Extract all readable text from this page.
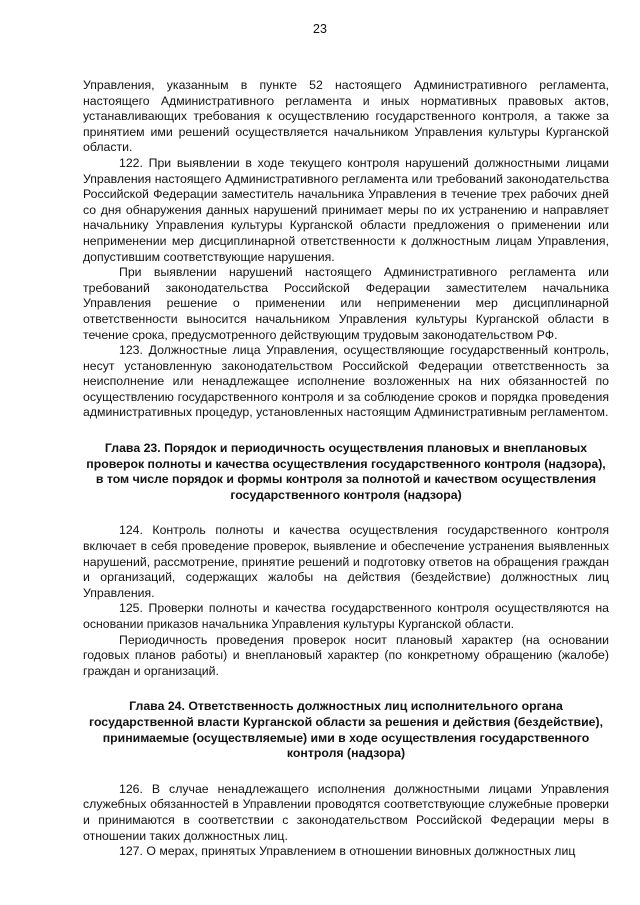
23

Управления, указанным в пункте 52 настоящего Административного регламента, настоящего Административного регламента и иных нормативных правовых актов, устанавливающих требования к осуществлению государственного контроля, а также за принятием ими решений осуществляется начальником Управления культуры Курганской области.

122. При выявлении в ходе текущего контроля нарушений должностными лицами Управления настоящего Административного регламента или требований законодательства Российской Федерации заместитель начальника Управления в течение трех рабочих дней со дня обнаружения данных нарушений принимает меры по их устранению и направляет начальнику Управления культуры Курганской области предложения о применении или неприменении мер дисциплинарной ответственности к должностным лицам Управления, допустившим соответствующие нарушения.

При выявлении нарушений настоящего Административного регламента или требований законодательства Российской Федерации заместителем начальника Управления решение о применении или неприменении мер дисциплинарной ответственности выносится начальником Управления культуры Курганской области в течение срока, предусмотренного действующим трудовым законодательством РФ.

123. Должностные лица Управления, осуществляющие государственный контроль, несут установленную законодательством Российской Федерации ответственность за неисполнение или ненадлежащее исполнение возложенных на них обязанностей по осуществлению государственного контроля и за соблюдение сроков и порядка проведения административных процедур, установленных настоящим Административным регламентом.

Глава 23. Порядок и периодичность осуществления плановых и внеплановых проверок полноты и качества осуществления государственного контроля (надзора), в том числе порядок и формы контроля за полнотой и качеством осуществления государственного контроля (надзора)

124. Контроль полноты и качества осуществления государственного контроля включает в себя проведение проверок, выявление и обеспечение устранения выявленных нарушений, рассмотрение, принятие решений и подготовку ответов на обращения граждан и организаций, содержащих жалобы на действия (бездействие) должностных лиц Управления.

125. Проверки полноты и качества государственного контроля осуществляются на основании приказов начальника Управления культуры Курганской области.

Периодичность проведения проверок носит плановый характер (на основании годовых планов работы) и внеплановый характер (по конкретному обращению (жалобе) граждан и организаций.

Глава 24. Ответственность должностных лиц исполнительного органа государственной власти Курганской области за решения и действия (бездействие), принимаемые (осуществляемые) ими в ходе осуществления государственного контроля (надзора)

126. В случае ненадлежащего исполнения должностными лицами Управления служебных обязанностей в Управлении проводятся соответствующие служебные проверки и принимаются в соответствии с законодательством Российской Федерации меры в отношении таких должностных лиц.

127. О мерах, принятых Управлением в отношении виновных должностных лиц
